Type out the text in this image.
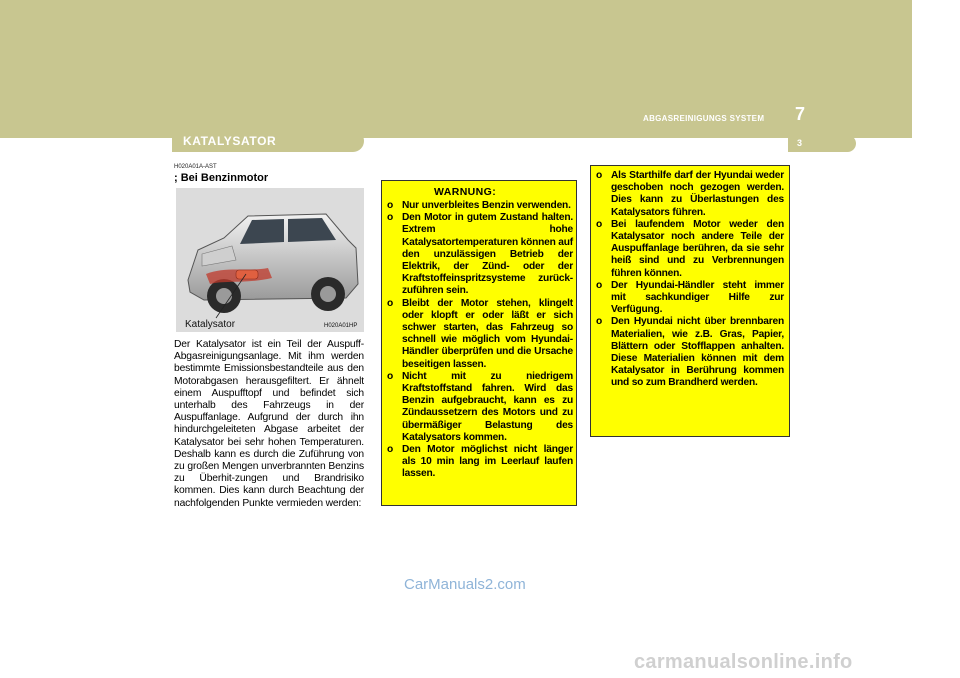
7
ABGASREINIGUNGS SYSTEM
3
KATALYSATOR
H020A01A-AST
; Bei Benzinmotor
Katalysator	H020A01HP
Der Katalysator ist ein Teil der Auspuff-Abgasreinigungsanlage. Mit ihm werden bestimmte Emissionsbestandteile aus den Motorabgasen herausgefiltert. Er ähnelt einem Auspufftopf und befindet sich unterhalb des Fahrzeugs in der Auspuffanlage. Aufgrund der durch ihn hindurchgeleiteten Abgase arbeitet der Katalysator bei sehr hohen Temperaturen. Deshalb kann es durch die Zuführung von zu großen Mengen unverbrannten Benzins zu Überhit-zungen und Brandrisiko kommen. Dies kann durch Beachtung der nachfolgenden Punkte vermieden werden:
WARNUNG:
o Nur unverbleites Benzin verwenden.
o Den Motor in gutem Zustand halten. Extrem hohe Katalysatortemperaturen können auf den unzulässigen Betrieb der Elektrik, der Zünd- oder der Kraftstoffeinspritzsysteme zurück-zuführen sein.
o Bleibt der Motor stehen, klingelt oder klopft er oder läßt er sich schwer starten, das Fahrzeug so schnell wie möglich vom Hyundai-Händler überprüfen und die Ursache beseitigen lassen.
o Nicht mit zu niedrigem Kraftstoffstand fahren. Wird das Benzin aufgebraucht, kann es zu Zündaussetzern des Motors und zu übermäßiger Belastung des Katalysators kommen.
o Den Motor möglichst nicht länger als 10 min lang im Leerlauf laufen lassen.
o Als Starthilfe darf der Hyundai weder geschoben noch gezogen werden. Dies kann zu Überlastungen des Katalysators führen.
o Bei laufendem Motor weder den Katalysator noch andere Teile der Auspuffanlage berühren, da sie sehr heiß sind und zu Verbrennungen führen können.
o Der Hyundai-Händler steht immer mit sachkundiger Hilfe zur Verfügung.
o Den Hyundai nicht über brennbaren Materialien, wie z.B. Gras, Papier, Blättern oder Stofflappen anhalten. Diese Materialien können mit dem Katalysator in Berührung kommen und so zum Brandherd werden.
CarManuals2.com
carmanualsonline.info
